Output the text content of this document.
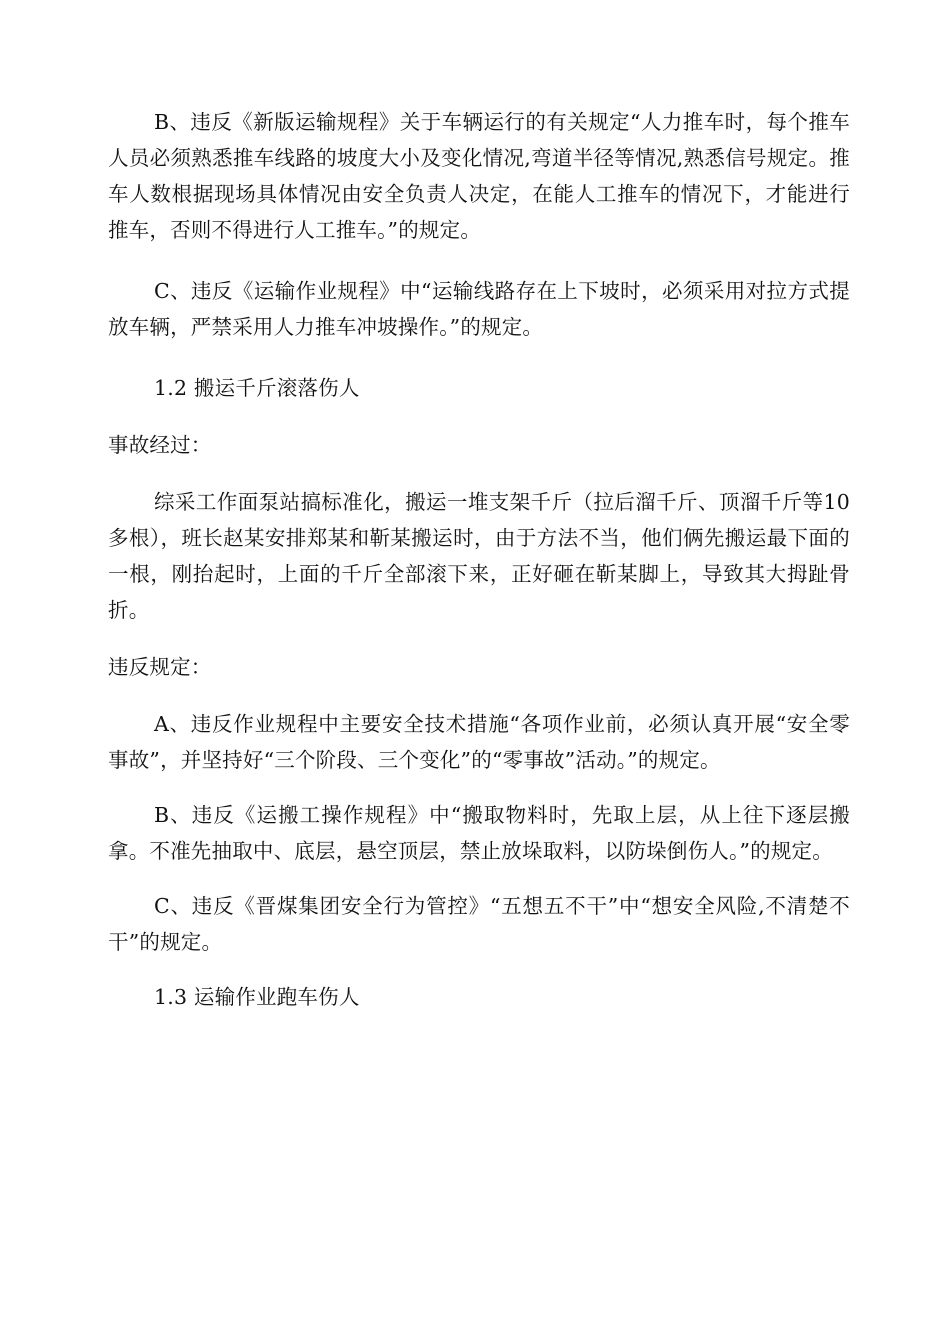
B、违反《新版运输规程》关于车辆运行的有关规定“人力推车时，每个推车人员必须熟悉推车线路的坡度大小及变化情况,弯道半径等情况,熟悉信号规定。推车人数根据现场具体情况由安全负责人决定，在能人工推车的情况下，才能进行推车，否则不得进行人工推车。”的规定。

C、违反《运输作业规程》中“运输线路存在上下坡时，必须采用对拉方式提放车辆，严禁采用人力推车冲坡操作。”的规定。

1.2 搬运千斤滚落伤人

事故经过：

综采工作面泵站搞标准化，搬运一堆支架千斤（拉后溜千斤、顶溜千斤等10多根），班长赵某安排郑某和靳某搬运时，由于方法不当，他们俩先搬运最下面的一根，刚抬起时，上面的千斤全部滚下来，正好砸在靳某脚上，导致其大拇趾骨折。

违反规定：

A、违反作业规程中主要安全技术措施“各项作业前，必须认真开展“安全零事故”，并坚持好“三个阶段、三个变化”的“零事故”活动。”的规定。

B、违反《运搬工操作规程》中“搬取物料时，先取上层，从上往下逐层搬拿。不准先抽取中、底层，悬空顶层，禁止放垛取料，以防垛倒伤人。”的规定。

C、违反《晋煤集团安全行为管控》“五想五不干”中“想安全风险,不清楚不干”的规定。

1.3 运输作业跑车伤人
